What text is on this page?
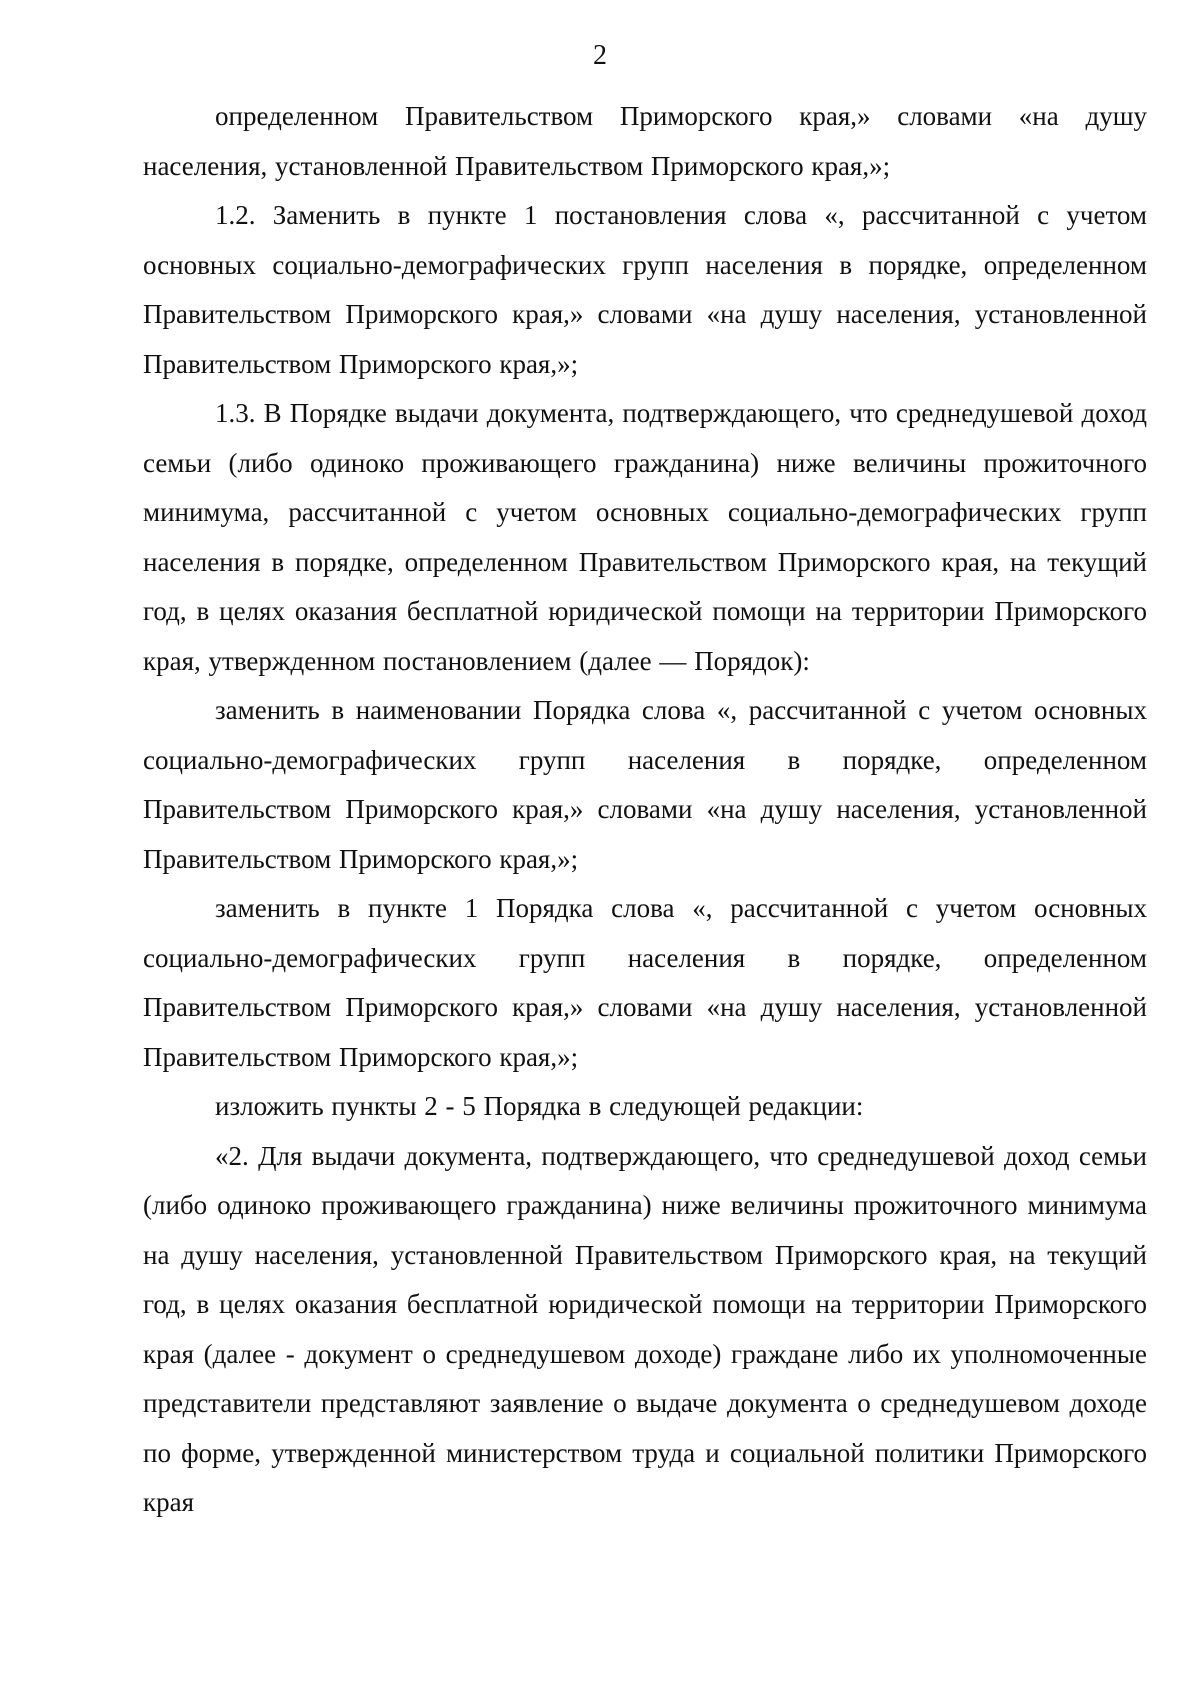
2

определенном Правительством Приморского края,» словами «на душу населения, установленной Правительством Приморского края,»;

1.2. Заменить в пункте 1 постановления слова «, рассчитанной с учетом основных социально-демографических групп населения в порядке, определенном Правительством Приморского края,» словами «на душу населения, установленной Правительством Приморского края,»;

1.3. В Порядке выдачи документа, подтверждающего, что среднедушевой доход семьи (либо одиноко проживающего гражданина) ниже величины прожиточного минимума, рассчитанной с учетом основных социально-демографических групп населения в порядке, определенном Правительством Приморского края, на текущий год, в целях оказания бесплатной юридической помощи на территории Приморского края, утвержденном постановлением (далее — Порядок):

заменить в наименовании Порядка слова «, рассчитанной с учетом основных социально-демографических групп населения в порядке, определенном Правительством Приморского края,» словами «на душу населения, установленной Правительством Приморского края,»;

заменить в пункте 1 Порядка слова «, рассчитанной с учетом основных социально-демографических групп населения в порядке, определенном Правительством Приморского края,» словами «на душу населения, установленной Правительством Приморского края,»;

изложить пункты 2 - 5 Порядка в следующей редакции:

«2. Для выдачи документа, подтверждающего, что среднедушевой доход семьи (либо одиноко проживающего гражданина) ниже величины прожиточного минимума на душу населения, установленной Правительством Приморского края, на текущий год, в целях оказания бесплатной юридической помощи на территории Приморского края (далее - документ о среднедушевом доходе) граждане либо их уполномоченные представители представляют заявление о выдаче документа о среднедушевом доходе по форме, утвержденной министерством труда и социальной политики Приморского края
